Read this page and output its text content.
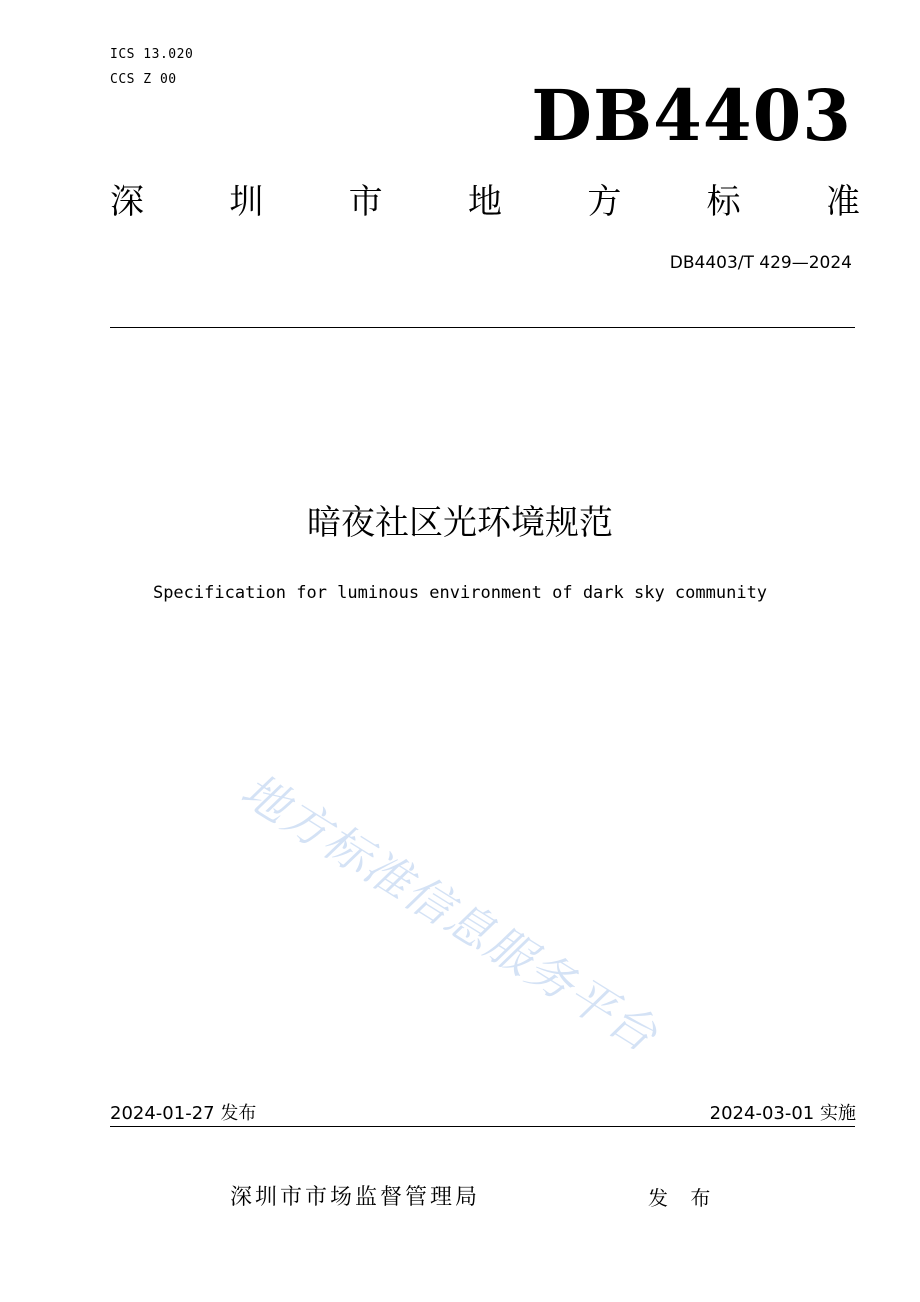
ICS 13.020
CCS Z 00	DB4403
深	圳	市	地	方	标	准
DB4403/T 429—2024
暗夜社区光环境规范
Specification for luminous environment of dark sky community
地方标准信息服务平台
2024-01-27 发布	2024-03-01 实施
深圳市市场监督管理局	发 布
